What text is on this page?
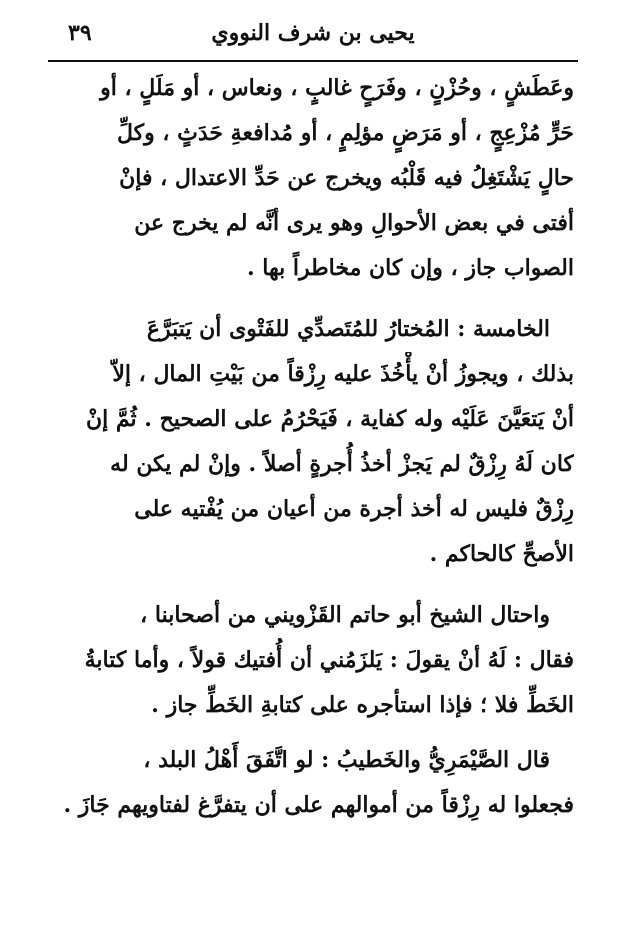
يحيى بن شرف النووي
٣٩

وعَطَشٍ ، وحُزْنٍ ، وفَرَحٍ غالبٍ ، ونعاس ، أو مَلَلٍ ، أو
حَرٍّ مُزْعِجٍ ، أو مَرَضٍ مؤلِمٍ ، أو مُدافعةِ حَدَثٍ ، وكلِّ
حالٍ يَشْتَغِلُ فيه قَلْبُه ويخرج عن حَدِّ الاعتدال ، فإنْ
أفتى في بعض الأحوالِ وهو يرى أنَّه لم يخرج عن
الصواب جاز ، وإن كان مخاطراً بها .

الخامسة : المُختارُ للمُتَصدِّي للفَتْوى أن يَتبَرَّعَ
بذلك ، ويجوزُ أنْ يأْخُذَ عليه رِزْقاً من بَيْتِ المال ، إلاّ
أنْ يَتعَيَّنَ عَلَيْه وله كفاية ، فَيَحْرُمُ على الصحيح . ثُمَّ إنْ
كان لَهُ رِزْقٌ لم يَجزْ أخذُ أُجرةٍ أصلاً . وإنْ لم يكن له
رِزْقٌ فليس له أخذ أجرة من أعيان من يُفْتيه على
الأصحِّ كالحاكم .

واحتال الشيخ أبو حاتم القَزْويني من أصحابنا ،
فقال : لَهُ أنْ يقولَ : يَلزَمُني أن أُفتيك قولاً ، وأما كتابةُ
الخَطِّ فلا ؛ فإذا استأجره على كتابةِ الخَطِّ جاز .

قال الصَّيْمَرِيُّ والخَطيبُ : لو اتَّفَقَ أَهْلُ البلد ،
فجعلوا له رِزْقاً من أموالهم على أن يتفرَّغ لفتاويهم جَازَ .
